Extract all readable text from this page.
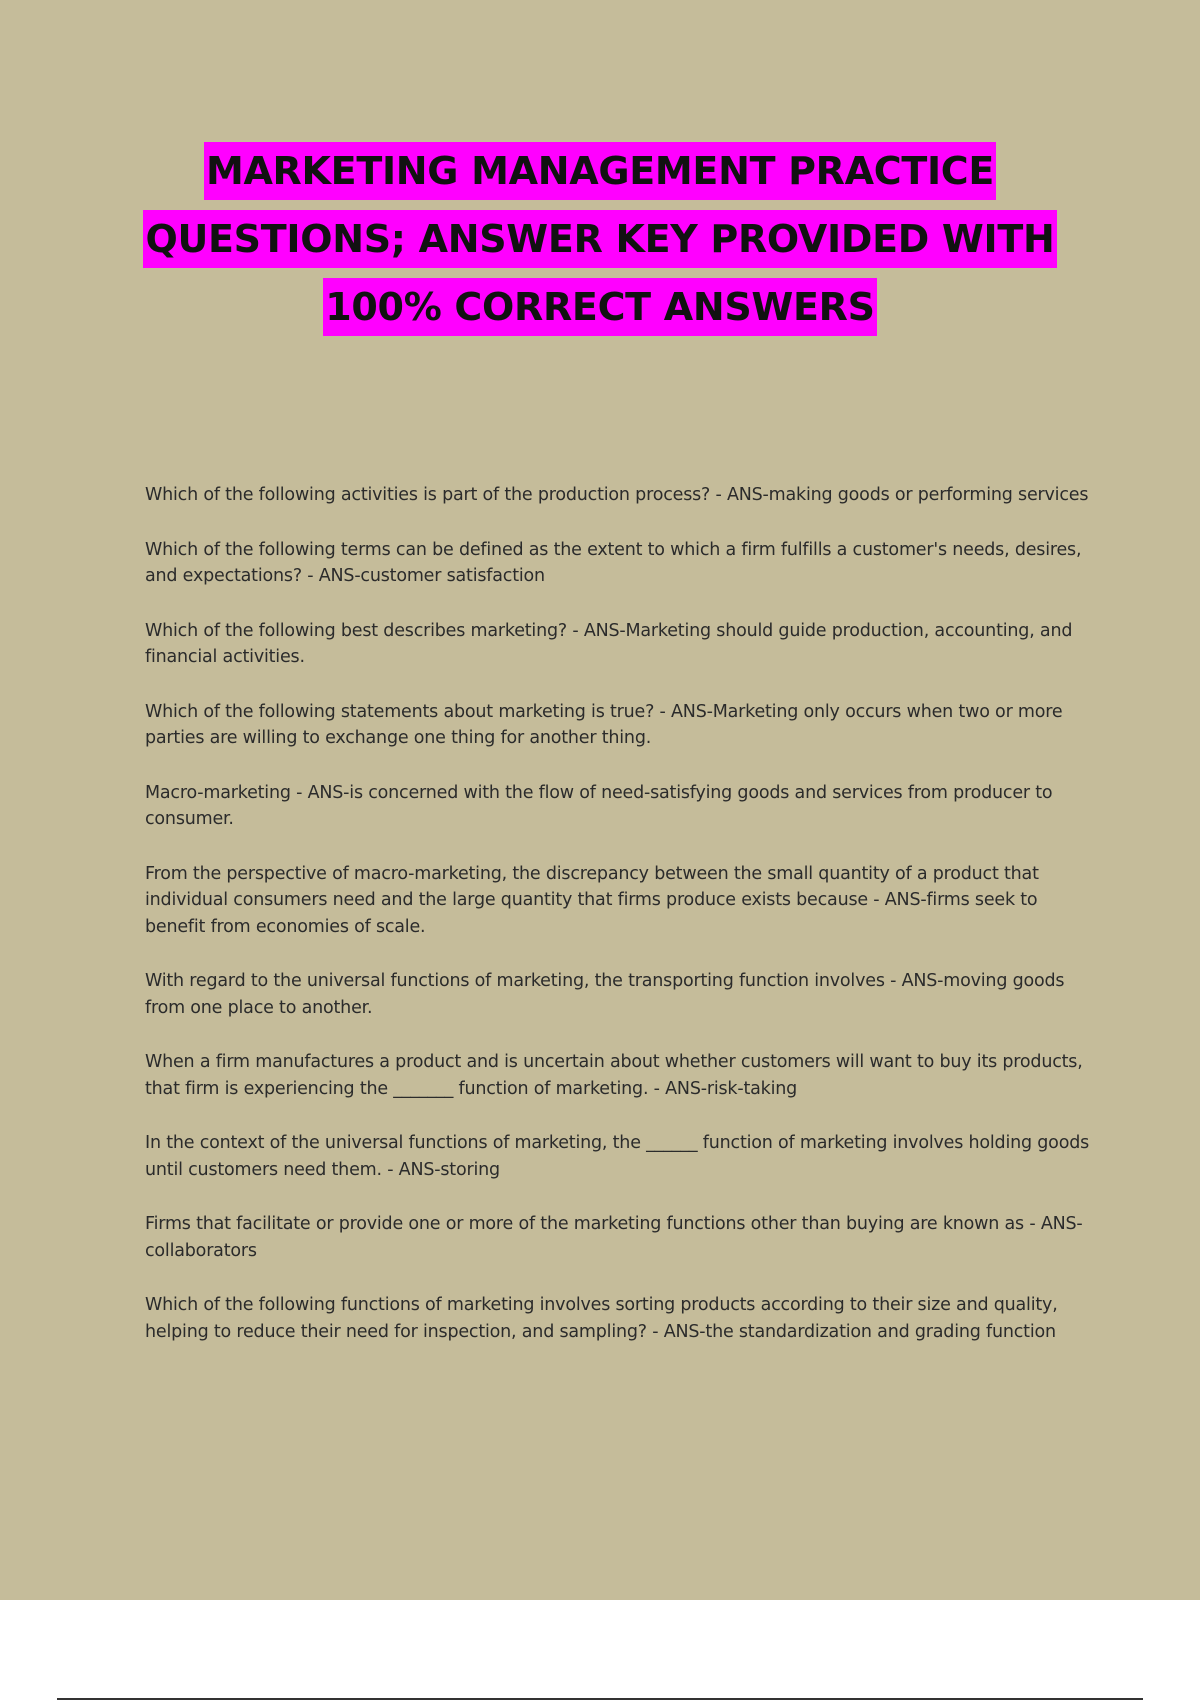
MARKETING MANAGEMENT PRACTICE
QUESTIONS; ANSWER KEY PROVIDED WITH
100% CORRECT ANSWERS
Which of the following activities is part of the production process? - ANS-making goods or performing services
Which of the following terms can be defined as the extent to which a firm fulfills a customer's needs, desires, and expectations? - ANS-customer satisfaction
Which of the following best describes marketing? - ANS-Marketing should guide production, accounting, and financial activities.
Which of the following statements about marketing is true? - ANS-Marketing only occurs when two or more parties are willing to exchange one thing for another thing.
Macro-marketing - ANS-is concerned with the flow of need-satisfying goods and services from producer to consumer.
From the perspective of macro-marketing, the discrepancy between the small quantity of a product that individual consumers need and the large quantity that firms produce exists because - ANS-firms seek to benefit from economies of scale.
With regard to the universal functions of marketing, the transporting function involves - ANS-moving goods from one place to another.
When a firm manufactures a product and is uncertain about whether customers will want to buy its products, that firm is experiencing the _______ function of marketing. - ANS-risk-taking
In the context of the universal functions of marketing, the ______ function of marketing involves holding goods until customers need them. - ANS-storing
Firms that facilitate or provide one or more of the marketing functions other than buying are known as - ANS-collaborators
Which of the following functions of marketing involves sorting products according to their size and quality, helping to reduce their need for inspection, and sampling? - ANS-the standardization and grading function
